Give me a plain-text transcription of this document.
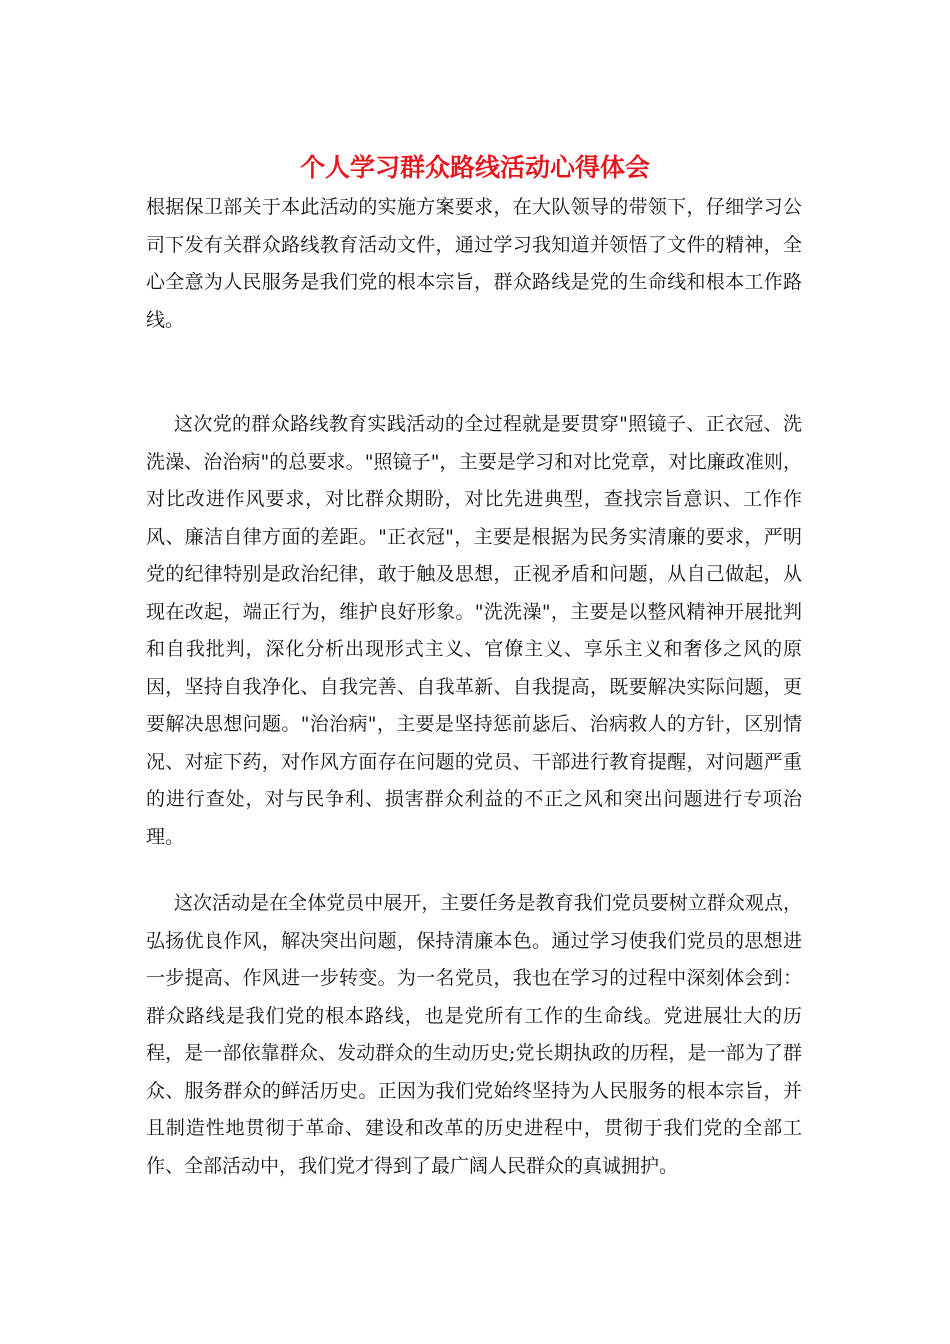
个人学习群众路线活动心得体会

根据保卫部关于本此活动的实施方案要求，在大队领导的带领下，仔细学习公司下发有关群众路线教育活动文件，通过学习我知道并领悟了文件的精神，全心全意为人民服务是我们党的根本宗旨，群众路线是党的生命线和根本工作路线。

这次党的群众路线教育实践活动的全过程就是要贯穿"照镜子、正衣冠、洗洗澡、治治病"的总要求。"照镜子"，主要是学习和对比党章，对比廉政准则，对比改进作风要求，对比群众期盼，对比先进典型，查找宗旨意识、工作作风、廉洁自律方面的差距。"正衣冠"，主要是根据为民务实清廉的要求，严明党的纪律特别是政治纪律，敢于触及思想，正视矛盾和问题，从自己做起，从现在改起，端正行为，维护良好形象。"洗洗澡"，主要是以整风精神开展批判和自我批判，深化分析出现形式主义、官僚主义、享乐主义和奢侈之风的原因，坚持自我净化、自我完善、自我革新、自我提高，既要解决实际问题，更要解决思想问题。"治治病"，主要是坚持惩前毖后、治病救人的方针，区别情况、对症下药，对作风方面存在问题的党员、干部进行教育提醒，对问题严重的进行查处，对与民争利、损害群众利益的不正之风和突出问题进行专项治理。

这次活动是在全体党员中展开，主要任务是教育我们党员要树立群众观点，弘扬优良作风，解决突出问题，保持清廉本色。通过学习使我们党员的思想进一步提高、作风进一步转变。为一名党员，我也在学习的过程中深刻体会到：群众路线是我们党的根本路线，也是党所有工作的生命线。党进展壮大的历程，是一部依靠群众、发动群众的生动历史;党长期执政的历程，是一部为了群众、服务群众的鲜活历史。正因为我们党始终坚持为人民服务的根本宗旨，并且制造性地贯彻于革命、建设和改革的历史进程中，贯彻于我们党的全部工作、全部活动中，我们党才得到了最广阔人民群众的真诚拥护。
